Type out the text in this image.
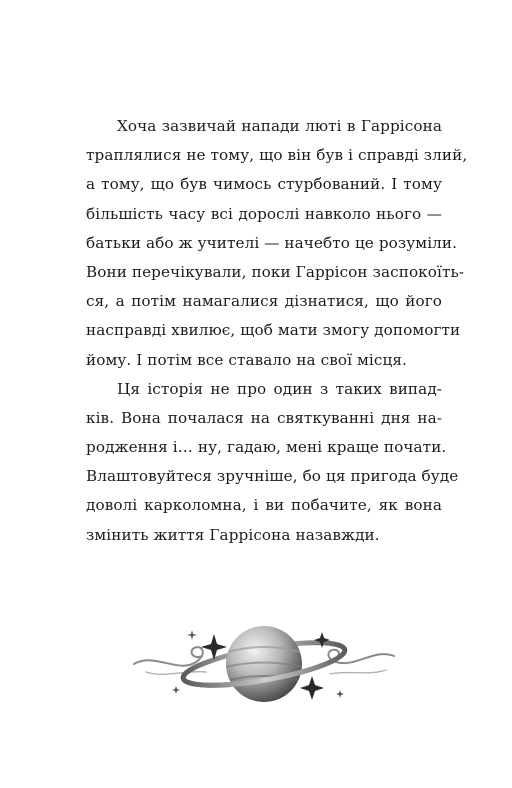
Хоча зазвичай напади люті в Гаррісона
траплялися не тому, що він був і справді злий,
а тому, що був чимось стурбований. І тому
більшість часу всі дорослі навколо нього —
батьки або ж учителі — начебто це розуміли.
Вони перечікували, поки Гаррісон заспокоїть-
ся, а потім намагалися дізнатися, що його
насправді хвилює, щоб мати змогу допомогти
йому. І потім все ставало на свої місця.
Ця історія не про один з таких випад-
ків. Вона почалася на святкуванні дня на-
родження і… ну, гадаю, мені краще почати.
Влаштовуйтеся зручніше, бо ця пригода буде
доволі карколомна, і ви побачите, як вона
змінить життя Гаррісона назавжди.
